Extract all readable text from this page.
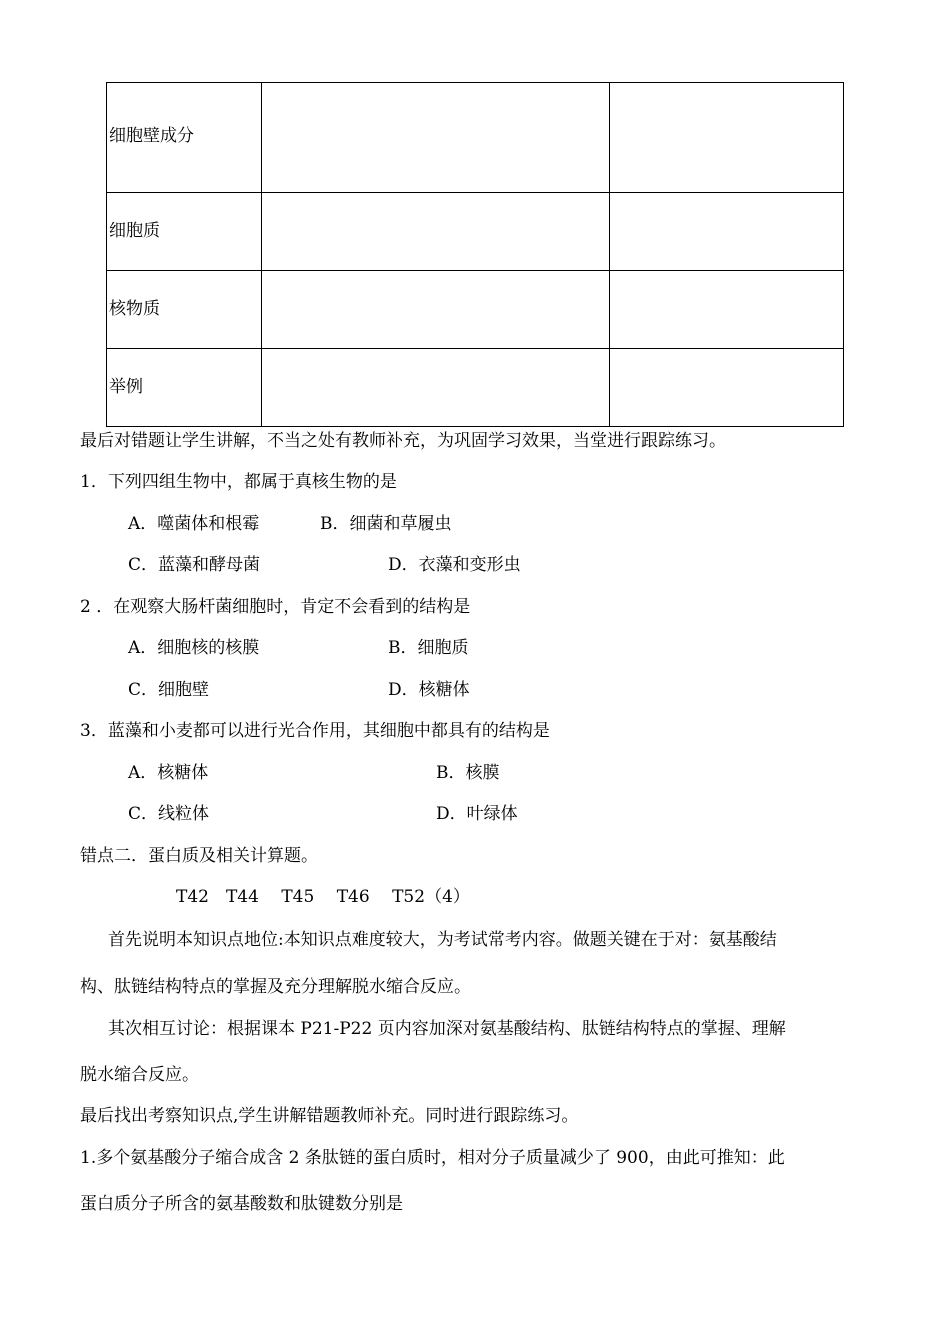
细胞壁成分		

细胞质		

核物质		

举例		

最后对错题让学生讲解，不当之处有教师补充，为巩固学习效果，当堂进行跟踪练习。
1．下列四组生物中，都属于真核生物的是
A．噬菌体和根霉	B．细菌和草履虫
C．蓝藻和酵母菌	D．衣藻和变形虫
2 ．在观察大肠杆菌细胞时，肯定不会看到的结构是
A．细胞核的核膜	B．细胞质
C．细胞壁	D．核糖体
3．蓝藻和小麦都可以进行光合作用，其细胞中都具有的结构是
A．核糖体	B．核膜
C．线粒体	D．叶绿体
错点二．蛋白质及相关计算题。
T42　T44　 T45　 T46　 T52（4）
首先说明本知识点地位:本知识点难度较大，为考试常考内容。做题关键在于对：氨基酸结
构、肽链结构特点的掌握及充分理解脱水缩合反应。
其次相互讨论：根据课本 P21-P22 页内容加深对氨基酸结构、肽链结构特点的掌握、理解
脱水缩合反应。
最后找出考察知识点,学生讲解错题教师补充。同时进行跟踪练习。
1.多个氨基酸分子缩合成含 2 条肽链的蛋白质时，相对分子质量减少了 900，由此可推知：此
蛋白质分子所含的氨基酸数和肽键数分别是
